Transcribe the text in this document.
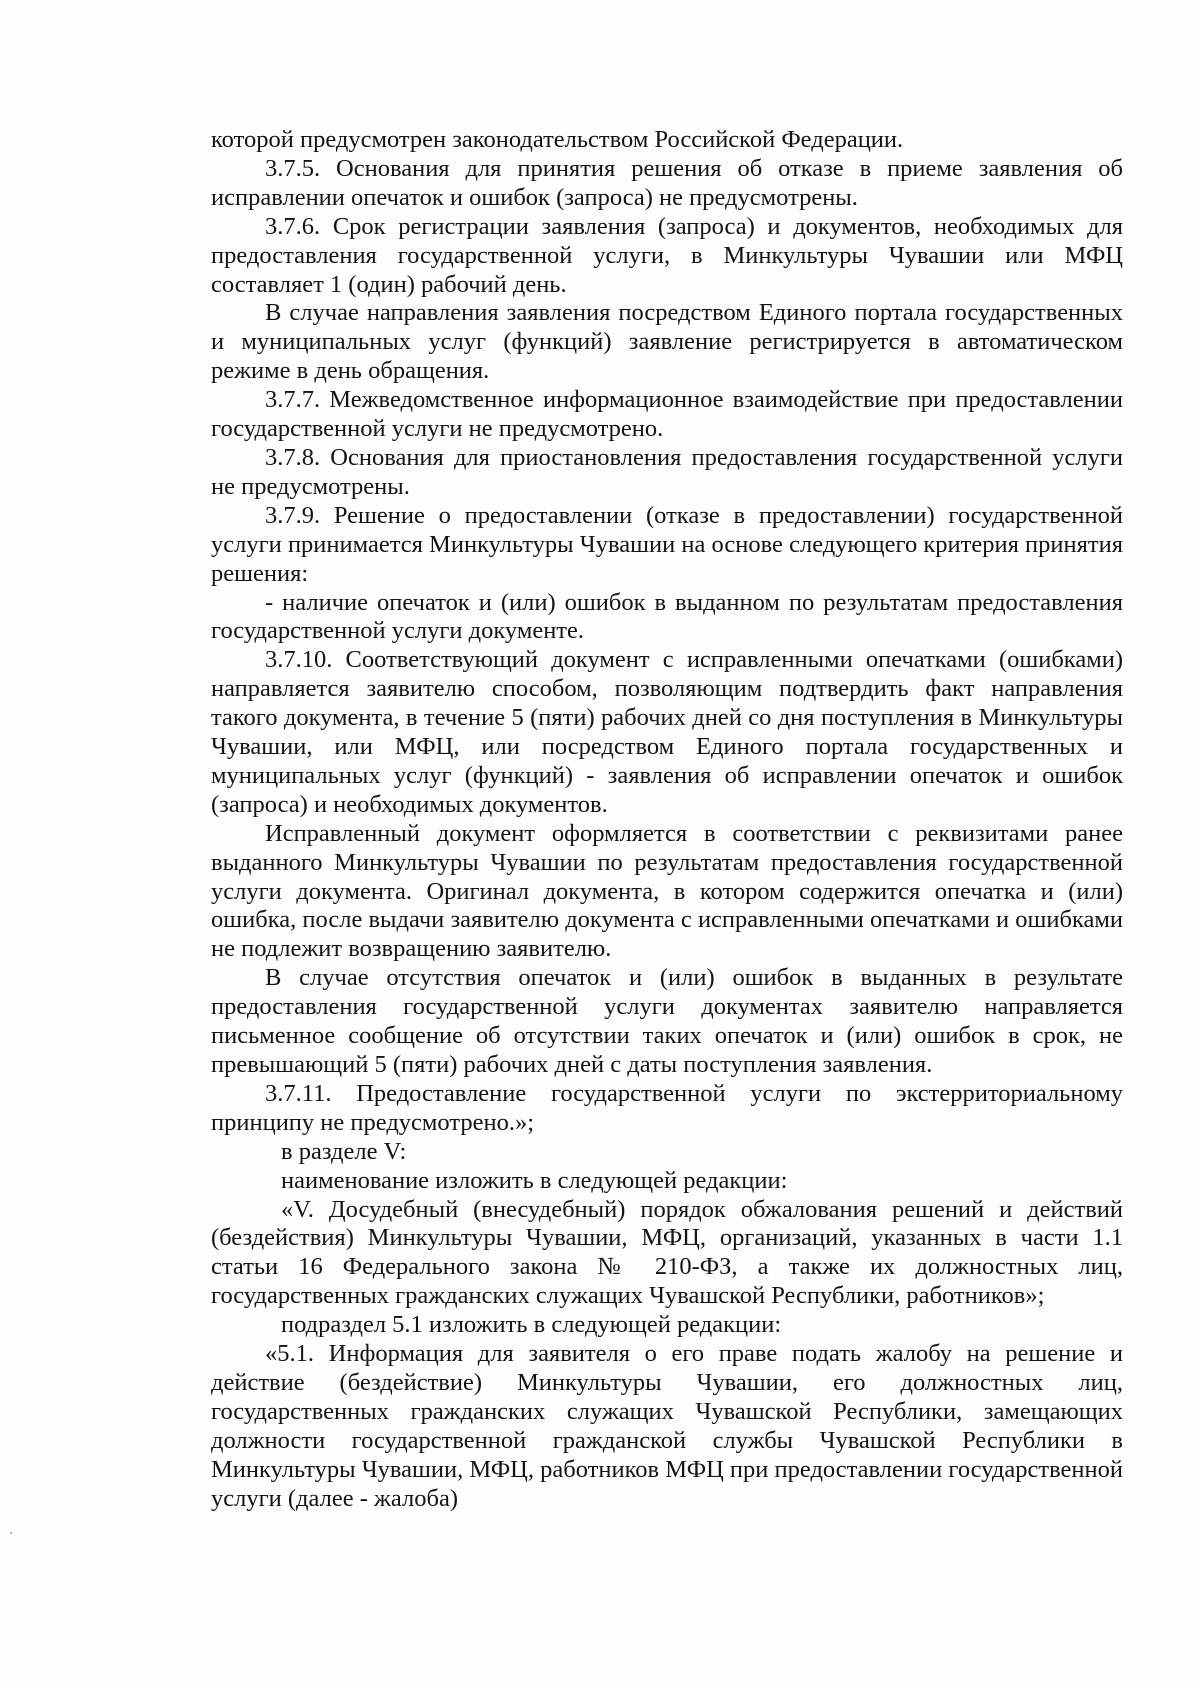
которой предусмотрен законодательством Российской Федерации.

3.7.5. Основания для принятия решения об отказе в приеме заявления об исправлении опечаток и ошибок (запроса) не предусмотрены.

3.7.6. Срок регистрации заявления (запроса) и документов, необходимых для предоставления государственной услуги, в Минкультуры Чувашии или МФЦ составляет 1 (один) рабочий день.

В случае направления заявления посредством Единого портала государственных и муниципальных услуг (функций) заявление регистрируется в автоматическом режиме в день обращения.

3.7.7. Межведомственное информационное взаимодействие при предоставлении государственной услуги не предусмотрено.

3.7.8. Основания для приостановления предоставления государственной услуги не предусмотрены.

3.7.9. Решение о предоставлении (отказе в предоставлении) государственной услуги принимается Минкультуры Чувашии на основе следующего критерия принятия решения:

- наличие опечаток и (или) ошибок в выданном по результатам предоставления государственной услуги документе.

3.7.10. Соответствующий документ с исправленными опечатками (ошибками) направляется заявителю способом, позволяющим подтвердить факт направления такого документа, в течение 5 (пяти) рабочих дней со дня поступления в Минкультуры Чувашии, или МФЦ, или посредством Единого портала государственных и муниципальных услуг (функций) - заявления об исправлении опечаток и ошибок (запроса) и необходимых документов.

Исправленный документ оформляется в соответствии с реквизитами ранее выданного Минкультуры Чувашии по результатам предоставления государственной услуги документа. Оригинал документа, в котором содержится опечатка и (или) ошибка, после выдачи заявителю документа с исправленными опечатками и ошибками не подлежит возвращению заявителю.

В случае отсутствия опечаток и (или) ошибок в выданных в результате предоставления государственной услуги документах заявителю направляется письменное сообщение об отсутствии таких опечаток и (или) ошибок в срок, не превышающий 5 (пяти) рабочих дней с даты поступления заявления.

3.7.11. Предоставление государственной услуги по экстерриториальному принципу не предусмотрено.»;

в разделе V:

наименование изложить в следующей редакции:

«V. Досудебный (внесудебный) порядок обжалования решений и действий (бездействия) Минкультуры Чувашии, МФЦ, организаций, указанных в части 1.1 статьи 16 Федерального закона № 210-ФЗ, а также их должностных лиц, государственных гражданских служащих Чувашской Республики, работников»;

подраздел 5.1 изложить в следующей редакции:

«5.1. Информация для заявителя о его праве подать жалобу на решение и действие (бездействие) Минкультуры Чувашии, его должностных лиц, государственных гражданских служащих Чувашской Республики, замещающих должности государственной гражданской службы Чувашской Республики в Минкультуры Чувашии, МФЦ, работников МФЦ при предоставлении государственной услуги (далее - жалоба)
